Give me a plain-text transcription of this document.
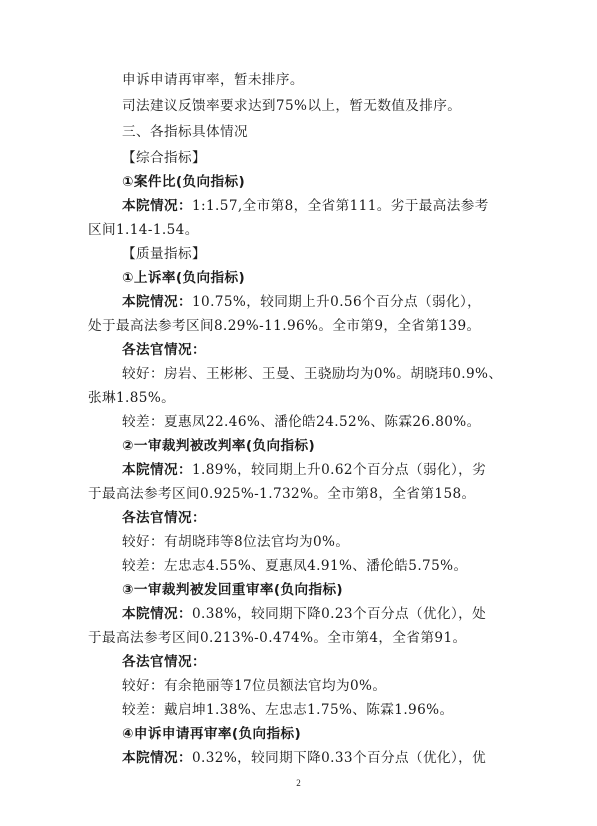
申诉申请再审率，暂未排序。
司法建议反馈率要求达到75%以上，暂无数值及排序。
三、各指标具体情况
【综合指标】
①案件比(负向指标)
本院情况：1:1.57,全市第8，全省第111。劣于最高法参考
区间1.14-1.54。
【质量指标】
①上诉率(负向指标)
本院情况：10.75%，较同期上升0.56个百分点（弱化），
处于最高法参考区间8.29%-11.96%。全市第9，全省第139。
各法官情况：
较好：房岩、王彬彬、王曼、王骁励均为0%。胡晓玮0.9%、
张琳1.85%。
较差：夏惠凤22.46%、潘伦皓24.52%、陈霖26.80%。
②一审裁判被改判率(负向指标)
本院情况：1.89%，较同期上升0.62个百分点（弱化），劣
于最高法参考区间0.925%-1.732%。全市第8，全省第158。
各法官情况：
较好：有胡晓玮等8位法官均为0%。
较差：左忠志4.55%、夏惠凤4.91%、潘伦皓5.75%。
③一审裁判被发回重审率(负向指标)
本院情况：0.38%，较同期下降0.23个百分点（优化），处
于最高法参考区间0.213%-0.474%。全市第4，全省第91。
各法官情况：
较好：有余艳丽等17位员额法官均为0%。
较差：戴启坤1.38%、左忠志1.75%、陈霖1.96%。
④申诉申请再审率(负向指标)
本院情况：0.32%，较同期下降0.33个百分点（优化），优
2
